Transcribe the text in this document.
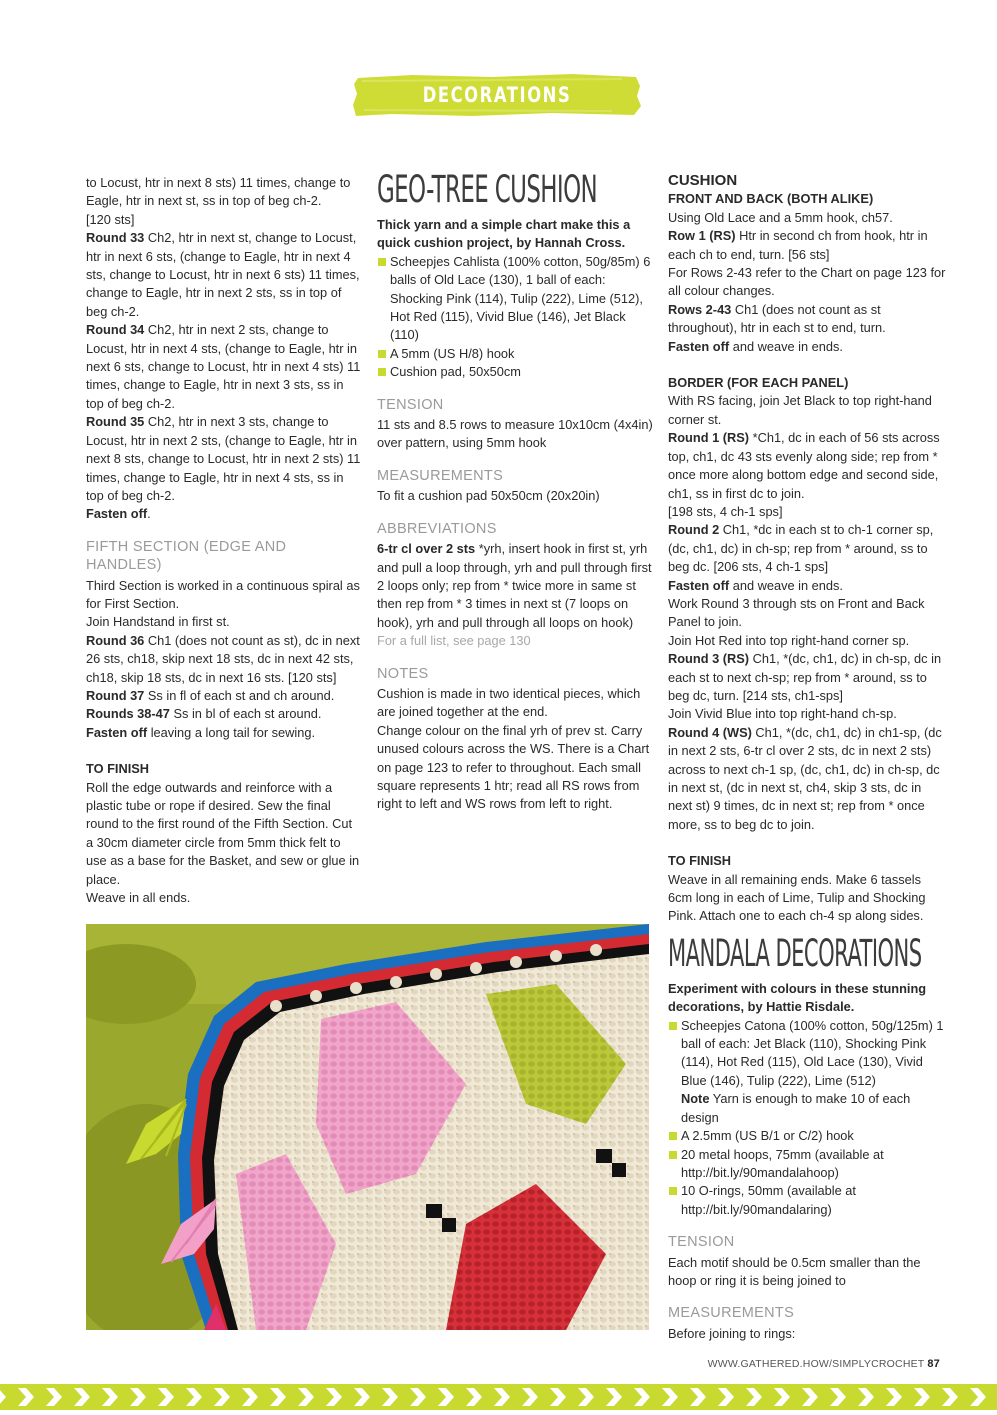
DECORATIONS

to Locust, htr in next 8 sts) 11 times, change to Eagle, htr in next st, ss in top of beg ch-2.

[120 sts]

Round 33 Ch2, htr in next st, change to Locust, htr in next 6 sts, (change to Eagle, htr in next 4 sts, change to Locust, htr in next 6 sts) 11 times, change to Eagle, htr in next 2 sts, ss in top of beg ch-2.

Round 34 Ch2, htr in next 2 sts, change to Locust, htr in next 4 sts, (change to Eagle, htr in next 6 sts, change to Locust, htr in next 4 sts) 11 times, change to Eagle, htr in next 3 sts, ss in top of beg ch-2.

Round 35 Ch2, htr in next 3 sts, change to Locust, htr in next 2 sts, (change to Eagle, htr in next 8 sts, change to Locust, htr in next 2 sts) 11 times, change to Eagle, htr in next 4 sts, ss in top of beg ch-2.

Fasten off.

FIFTH SECTION (EDGE AND HANDLES)

Third Section is worked in a continuous spiral as for First Section.

Join Handstand in first st.

Round 36 Ch1 (does not count as st), dc in next 26 sts, ch18, skip next 18 sts, dc in next 42 sts, ch18, skip 18 sts, dc in next 16 sts. [120 sts]

Round 37 Ss in fl of each st and ch around.

Rounds 38-47 Ss in bl of each st around.

Fasten off leaving a long tail for sewing.

TO FINISH

Roll the edge outwards and reinforce with a plastic tube or rope if desired. Sew the final round to the first round of the Fifth Section. Cut a 30cm diameter circle from 5mm thick felt to use as a base for the Basket, and sew or glue in place.

Weave in all ends.

GEO-TREE CUSHION

Thick yarn and a simple chart make this a quick cushion project, by Hannah Cross.

Scheepjes Cahlista (100% cotton, 50g/85m) 6 balls of Old Lace (130), 1 ball of each: Shocking Pink (114), Tulip (222), Lime (512), Hot Red (115), Vivid Blue (146), Jet Black (110)
A 5mm (US H/8) hook
Cushion pad, 50x50cm

TENSION

11 sts and 8.5 rows to measure 10x10cm (4x4in) over pattern, using 5mm hook

MEASUREMENTS

To fit a cushion pad 50x50cm (20x20in)

ABBREVIATIONS

6-tr cl over 2 sts *yrh, insert hook in first st, yrh and pull a loop through, yrh and pull through first 2 loops only; rep from * twice more in same st then rep from * 3 times in next st (7 loops on hook), yrh and pull through all loops on hook)

For a full list, see page 130

NOTES

Cushion is made in two identical pieces, which are joined together at the end.

Change colour on the final yrh of prev st. Carry unused colours across the WS. There is a Chart on page 123 to refer to throughout. Each small square represents 1 htr; read all RS rows from right to left and WS rows from left to right.

CUSHION

FRONT AND BACK (BOTH ALIKE)

Using Old Lace and a 5mm hook, ch57.

Row 1 (RS) Htr in second ch from hook, htr in each ch to end, turn. [56 sts]

For Rows 2-43 refer to the Chart on page 123 for all colour changes.

Rows 2-43 Ch1 (does not count as st throughout), htr in each st to end, turn.

Fasten off and weave in ends.

BORDER (FOR EACH PANEL)

With RS facing, join Jet Black to top right-hand corner st.

Round 1 (RS) *Ch1, dc in each of 56 sts across top, ch1, dc 43 sts evenly along side; rep from * once more along bottom edge and second side, ch1, ss in first dc to join.

[198 sts, 4 ch-1 sps]

Round 2 Ch1, *dc in each st to ch-1 corner sp, (dc, ch1, dc) in ch-sp; rep from * around, ss to beg dc. [206 sts, 4 ch-1 sps]

Fasten off and weave in ends.

Work Round 3 through sts on Front and Back Panel to join.

Join Hot Red into top right-hand corner sp.

Round 3 (RS) Ch1, *(dc, ch1, dc) in ch-sp, dc in each st to next ch-sp; rep from * around, ss to beg dc, turn. [214 sts, ch1-sps]

Join Vivid Blue into top right-hand ch-sp.

Round 4 (WS) Ch1, *(dc, ch1, dc) in ch1-sp, (dc in next 2 sts, 6-tr cl over 2 sts, dc in next 2 sts) across to next ch-1 sp, (dc, ch1, dc) in ch-sp, dc in next st, (dc in next st, ch4, skip 3 sts, dc in next st) 9 times, dc in next st; rep from * once more, ss to beg dc to join.

TO FINISH

Weave in all remaining ends. Make 6 tassels 6cm long in each of Lime, Tulip and Shocking Pink. Attach one to each ch-4 sp along sides.

MANDALA DECORATIONS

Experiment with colours in these stunning decorations, by Hattie Risdale.

Scheepjes Catona (100% cotton, 50g/125m) 1 ball of each: Jet Black (110), Shocking Pink (114), Hot Red (115), Old Lace (130), Vivid Blue (146), Tulip (222), Lime (512)
Note Yarn is enough to make 10 of each design
A 2.5mm (US B/1 or C/2) hook
20 metal hoops, 75mm (available at http://bit.ly/90mandalahoop)
10 O-rings, 50mm (available at http://bit.ly/90mandalaring)

TENSION

Each motif should be 0.5cm smaller than the hoop or ring it is being joined to

MEASUREMENTS

Before joining to rings:

WWW.GATHERED.HOW/SIMPLYCROCHET 87
